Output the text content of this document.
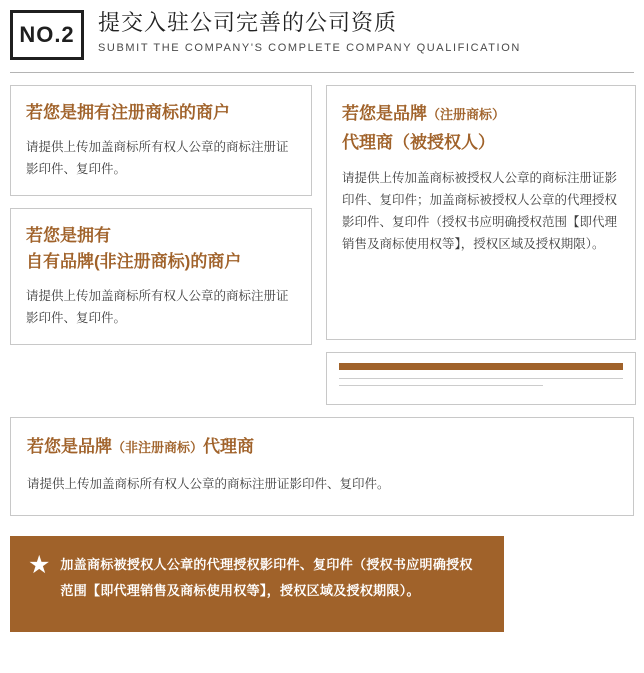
NO.2	提交入驻公司完善的公司资质
SUBMIT THE COMPANY'S COMPLETE COMPANY QUALIFICATION
若您是拥有注册商标的商户
请提供上传加盖商标所有权人公章的商标注册证影印件、复印件。
若您是拥有
自有品牌(非注册商标)的商户
请提供上传加盖商标所有权人公章的商标注册证影印件、复印件。
若您是品牌（注册商标）
代理商（被授权人）
请提供上传加盖商标被授权人公章的商标注册证影印件、复印件；加盖商标被授权人公章的代理授权影印件、复印件（授权书应明确授权范围【即代理销售及商标使用权等】，授权区域及授权期限）。
若您是品牌（非注册商标）代理商
请提供上传加盖商标所有权人公章的商标注册证影印件、复印件。
★ 加盖商标被授权人公章的代理授权影印件、复印件（授权书应明确授权范围【即代理销售及商标使用权等】，授权区域及授权期限）。
